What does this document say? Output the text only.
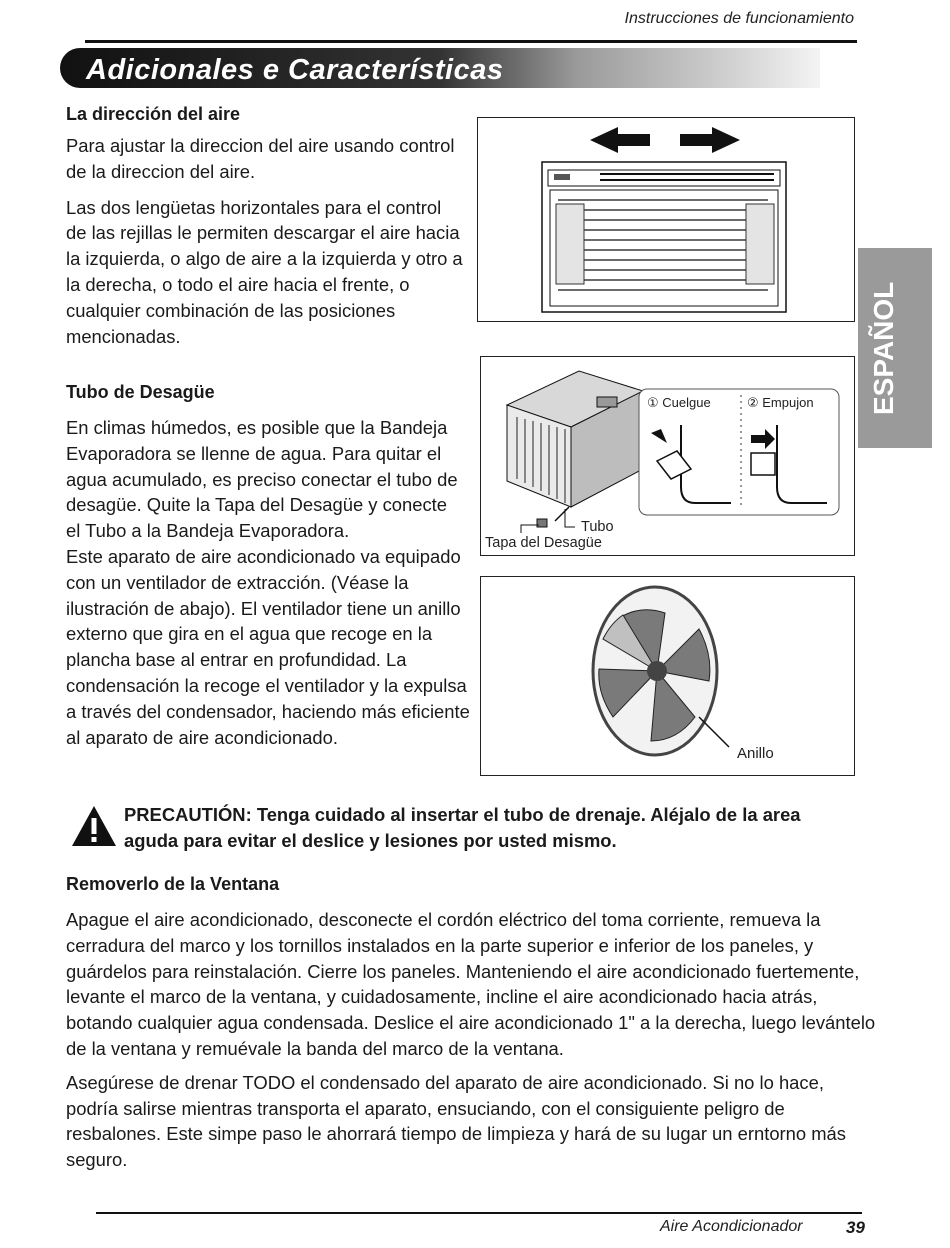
Instrucciones de funcionamiento
Adicionales e Características
ESPAÑOL
La dirección del aire

Para ajustar la direccion del aire usando control de la direccion del aire.

Las dos lengüetas horizontales para el control de las rejillas le permiten descargar el aire hacia la izquierda, o algo de aire a la izquierda y otro a la derecha, o todo el aire hacia el frente, o cualquier combinación de las posiciones mencionadas.

Tubo de Desagüe

En climas húmedos, es posible que la Bandeja Evaporadora se llenne de agua. Para quitar el agua acumulado, es preciso conectar el tubo de desagüe. Quite la Tapa del Desagüe y conecte el Tubo a la Bandeja Evaporadora.

Este aparato de aire acondicionado va equipado con un ventilador de extracción. (Véase la ilustración de abajo). El ventilador tiene un anillo externo que gira en el agua que recoge en la plancha base al entrar en profundidad. La condensación la recoge el ventilador y la expulsa a través del condensador, haciendo más eficiente al aparato de aire acondicionado.

① Cuelgue	② Empujon
Tubo
Tapa del Desagüe
Anillo
PRECAUTIÓN: Tenga cuidado al insertar el tubo de drenaje. Aléjalo de la area aguda para evitar el deslice y lesiones por usted mismo.
Removerlo de la Ventana

Apague el aire acondicionado, desconecte el cordón eléctrico del toma corriente, remueva la cerradura del marco y los tornillos instalados en la parte superior e inferior de los paneles, y guárdelos para reinstalación. Cierre los paneles. Manteniendo el aire acondicionado fuertemente, levante el marco de la ventana, y cuidadosamente, incline el aire acondicionado hacia atrás, botando cualquier agua condensada. Deslice el aire acondicionado 1" a la derecha, luego levántelo de la ventana y remuévale la banda del marco de la ventana.

Asegúrese de drenar TODO el condensado del aparato de aire acondicionado. Si no lo hace, podría salirse mientras transporta el aparato, ensuciando, con el consiguiente peligro de resbalones. Este simpe paso le ahorrará tiempo de limpieza y hará de su lugar un erntorno más seguro.

Aire Acondicionador	39
